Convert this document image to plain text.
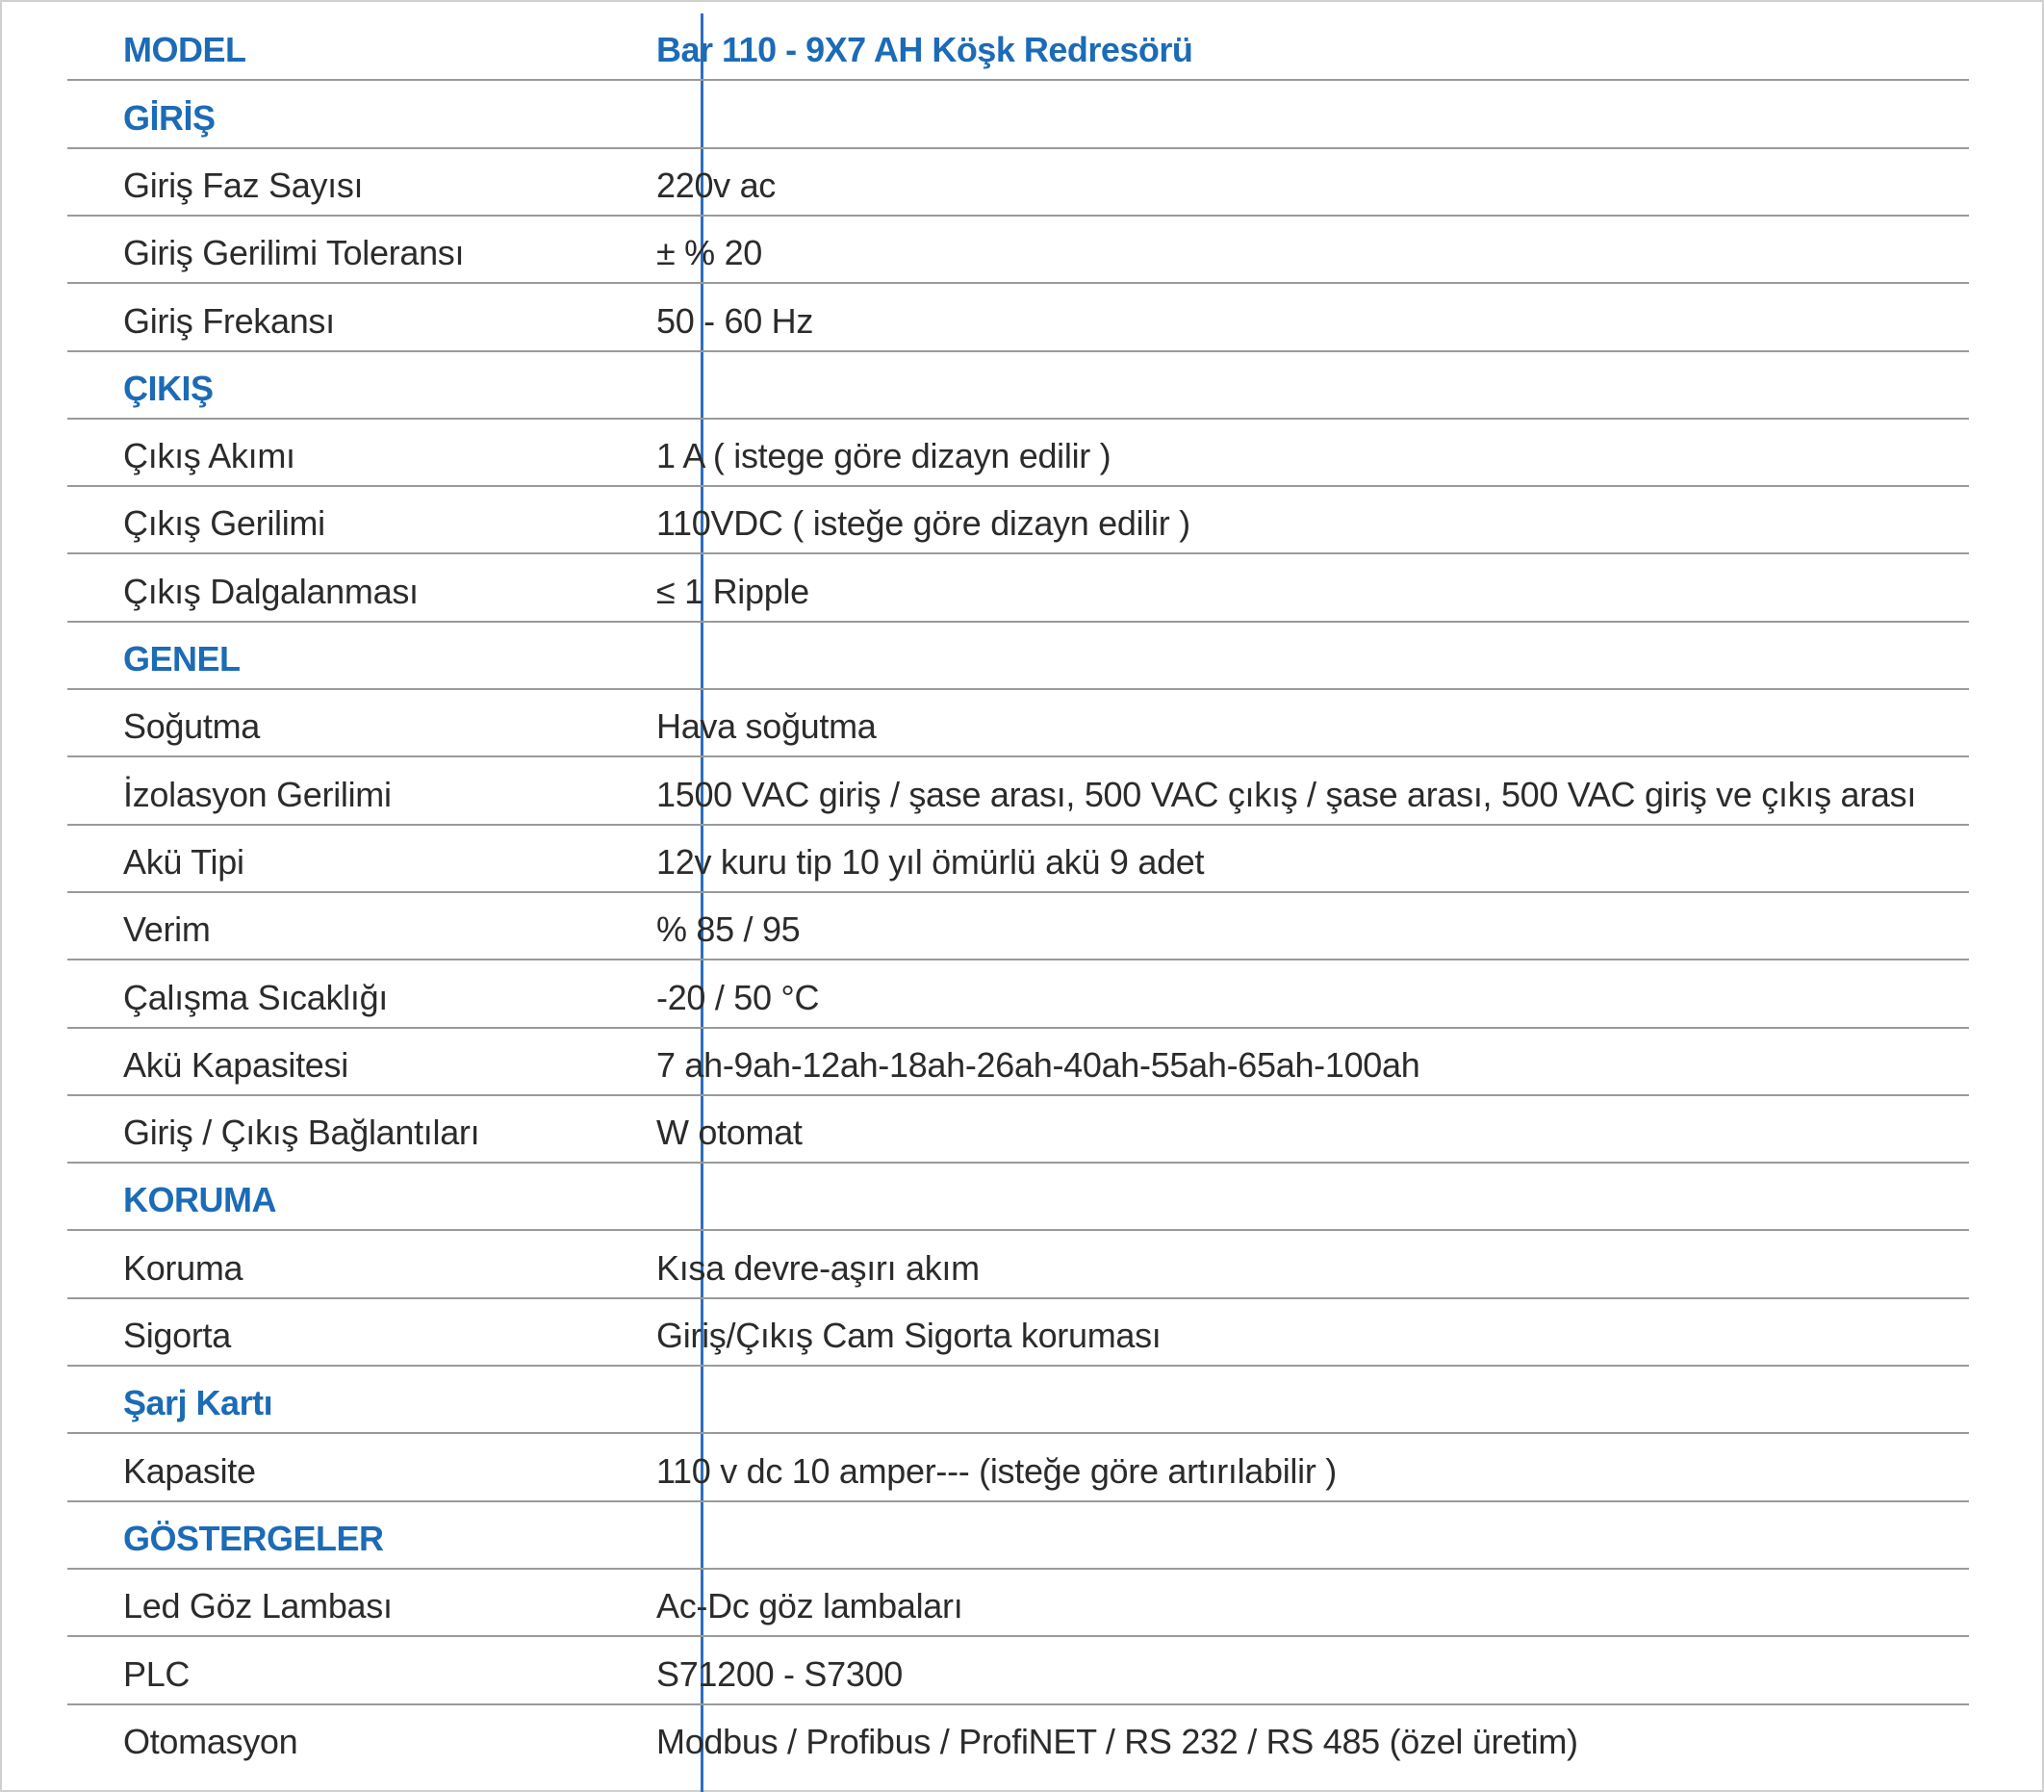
MODEL	Bar 110 - 9X7 AH Köşk Redresörü
GİRİŞ
Giriş Faz Sayısı	220v ac
Giriş Gerilimi Toleransı	± % 20
Giriş Frekansı	50 - 60 Hz
ÇIKIŞ
Çıkış Akımı	1 A ( istege göre dizayn edilir )
Çıkış Gerilimi	110VDC ( isteğe göre dizayn edilir )
Çıkış Dalgalanması	≤ 1 Ripple
GENEL
Soğutma	Hava soğutma
İzolasyon Gerilimi	1500 VAC giriş / şase arası, 500 VAC çıkış / şase arası, 500 VAC giriş ve çıkış arası
Akü Tipi	12v kuru tip 10 yıl ömürlü akü 9 adet
Verim	% 85 / 95
Çalışma Sıcaklığı	-20 / 50 °C
Akü Kapasitesi	7 ah-9ah-12ah-18ah-26ah-40ah-55ah-65ah-100ah
Giriş / Çıkış Bağlantıları	W otomat
KORUMA
Koruma	Kısa devre-aşırı akım
Sigorta	Giriş/Çıkış Cam Sigorta koruması
Şarj Kartı
Kapasite	110 v dc 10 amper--- (isteğe göre artırılabilir )
GÖSTERGELER
Led Göz Lambası	Ac-Dc göz lambaları
PLC	S71200 - S7300
Otomasyon	Modbus / Profibus / ProfiNET / RS 232 / RS 485 (özel üretim)
